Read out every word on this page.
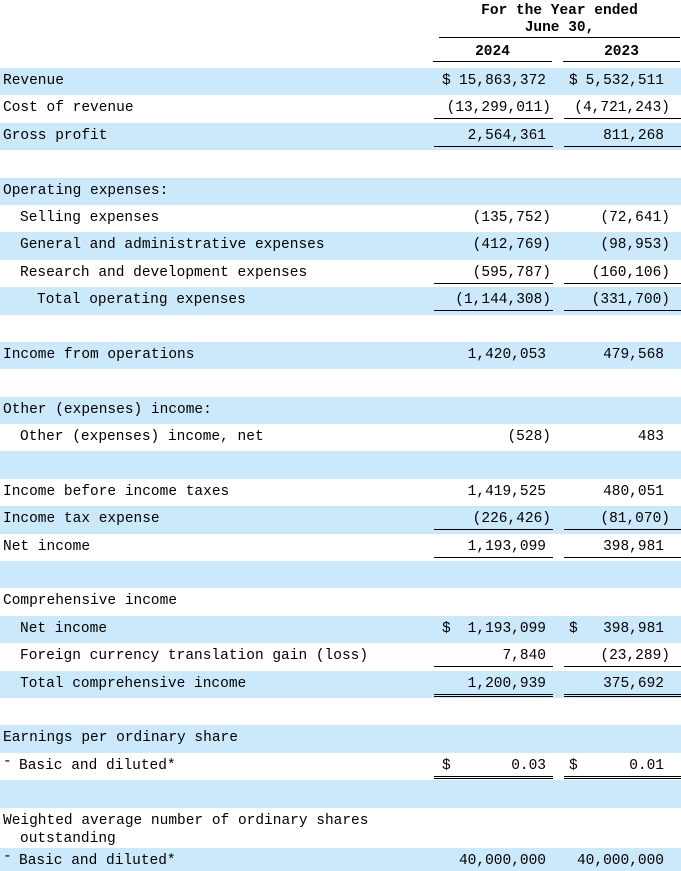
For the Year ended
June 30,
2024	2023
Revenue	$ 15,863,372 $ 5,532,511
Cost of revenue	(13,299,011) (4,721,243)
Gross profit	2,564,361	811,268
Operating expenses:
Selling expenses	(135,752)	(72,641)
General and administrative expenses	(412,769)	(98,953)
Research and development expenses	(595,787)	(160,106)
Total operating expenses	(1,144,308)	(331,700)
Income from operations	1,420,053	479,568
Other (expenses) income:
Other (expenses) income, net	(528)	483
Income before income taxes	1,419,525	480,051
Income tax expense	(226,426)	(81,070)
Net income	1,193,099	398,981
Comprehensive income
Net income	$ 1,193,099 $ 398,981
Foreign currency translation gain (loss)	7,840	(23,289)
Total comprehensive income	1,200,939	375,692
Earnings per ordinary share
- Basic and diluted*	$	0.03 $	0.01
Weighted average number of ordinary shares
outstanding
- Basic and diluted*	40,000,000 40,000,000
